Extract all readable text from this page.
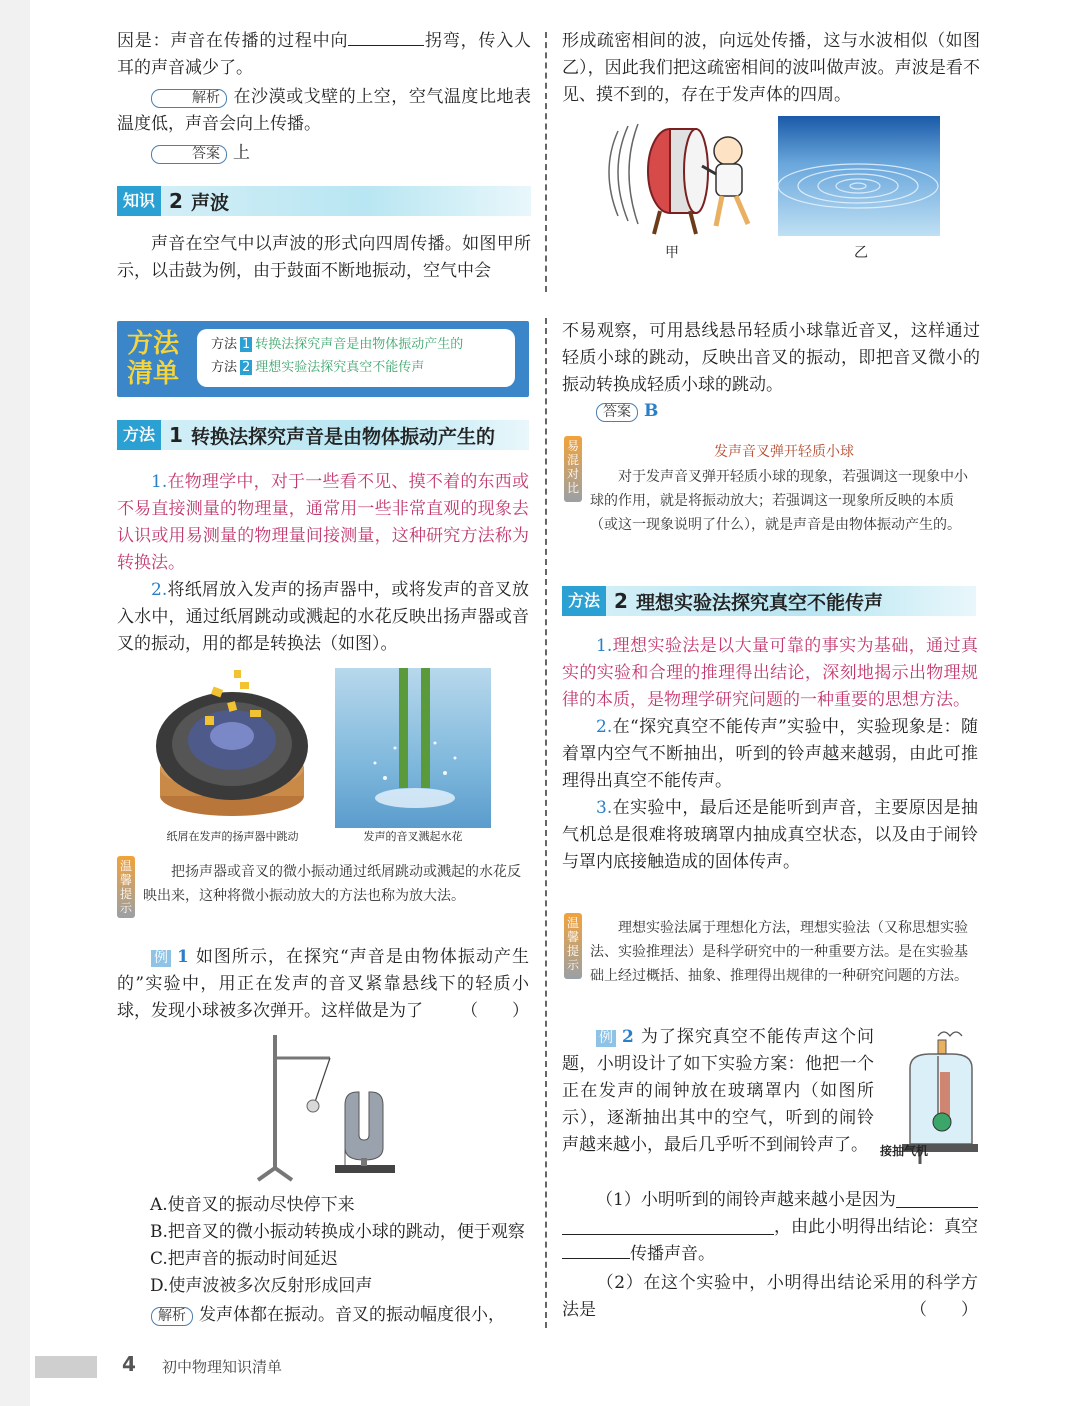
因是：声音在传播的过程中向	拐弯，传入人耳的声音减少了。
解析 在沙漠或戈壁的上空，空气温度比地表温度低，声音会向上传播。
答案 上
知识 2 声波
声音在空气中以声波的形式向四周传播。如图甲所示，以击鼓为例，由于鼓面不断地振动，空气中会
形成疏密相间的波，向远处传播，这与水波相似（如图乙），因此我们把这疏密相间的波叫做声波。声波是看不见、摸不到的，存在于发声体的四周。
甲	乙
方法
清单
方法 1 转换法探究声音是由物体振动产生的
方法 2 理想实验法探究真空不能传声
方法 1 转换法探究声音是由物体振动产生的
1.在物理学中，对于一些看不见、摸不着的东西或不易直接测量的物理量，通常用一些非常直观的现象去认识或用易测量的物理量间接测量，这种研究方法称为转换法。
2.将纸屑放入发声的扬声器中，或将发声的音叉放入水中，通过纸屑跳动或溅起的水花反映出扬声器或音叉的振动，用的都是转换法（如图）。
纸屑在发声的扬声器中跳动	发声的音叉溅起水花
温馨提示
把扬声器或音叉的微小振动通过纸屑跳动或溅起的水花反映出来，这种将微小振动放大的方法也称为放大法。
例 1 如图所示，在探究“声音是由物体振动产生的”实验中，用正在发声的音叉紧靠悬线下的轻质小球，发现小球被多次弹开。这样做是为了 （　　）
A.使音叉的振动尽快停下来
B.把音叉的微小振动转换成小球的跳动，便于观察
C.把声音的振动时间延迟
D.使声波被多次反射形成回声
解析 发声体都在振动。音叉的振动幅度很小，
不易观察，可用悬线悬吊轻质小球靠近音叉，这样通过轻质小球的跳动，反映出音叉的振动，即把音叉微小的振动转换成轻质小球的跳动。
答案 B
易混对比
发声音叉弹开轻质小球
对于发声音叉弹开轻质小球的现象，若强调这一现象中小球的作用，就是将振动放大；若强调这一现象所反映的本质（或这一现象说明了什么），就是声音是由物体振动产生的。
方法 2 理想实验法探究真空不能传声
1.理想实验法是以大量可靠的事实为基础，通过真实的实验和合理的推理得出结论，深刻地揭示出物理规律的本质，是物理学研究问题的一种重要的思想方法。
2.在“探究真空不能传声”实验中，实验现象是：随着罩内空气不断抽出，听到的铃声越来越弱，由此可推理得出真空不能传声。
3.在实验中，最后还是能听到声音，主要原因是抽气机总是很难将玻璃罩内抽成真空状态，以及由于闹铃与罩内底接触造成的固体传声。
温馨提示
理想实验法属于理想化方法，理想实验法（又称思想实验法、实验推理法）是科学研究中的一种重要方法。是在实验基础上经过概括、抽象、推理得出规律的一种研究问题的方法。
例 2 为了探究真空不能传声这个问题，小明设计了如下实验方案：他把一个正在发声的闹钟放在玻璃罩内（如图所示），逐渐抽出其中的空气，听到的闹铃声越来越小，最后几乎听不到闹铃声了。	接抽气机
（1）小明听到的闹铃声越来越小是因为
，由此小明得出结论：真空
传播声音。
（2）在这个实验中，小明得出结论采用的科学方法是	（　　）
4 初中物理知识清单
